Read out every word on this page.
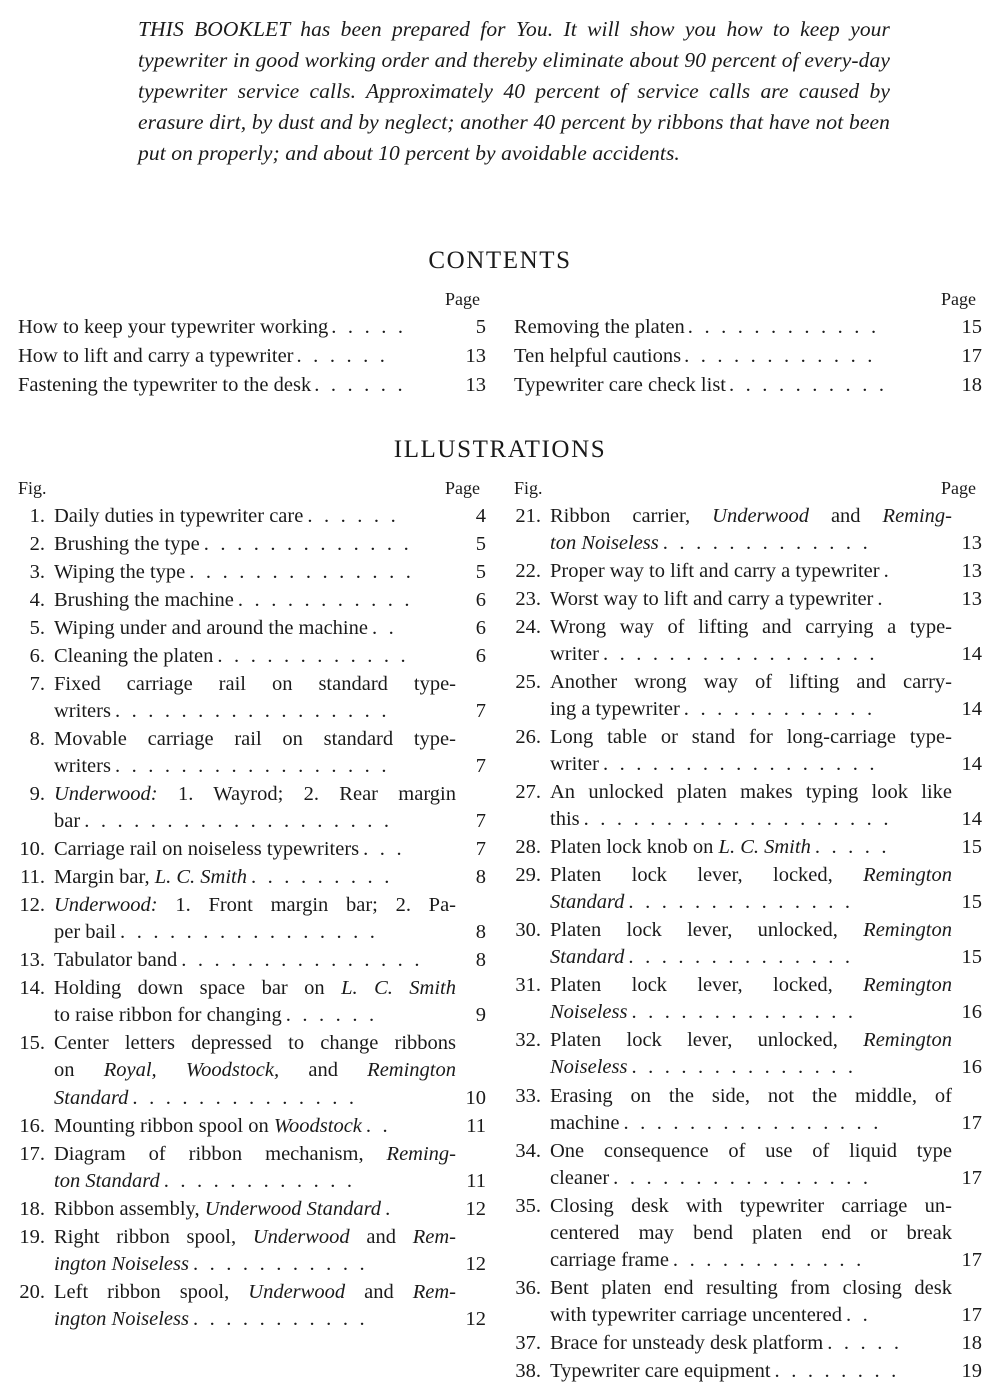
THIS BOOKLET has been prepared for You. It will show you how to keep your typewriter in good working order and thereby eliminate about 90 percent of every-day typewriter service calls. Approximately 40 percent of service calls are caused by erasure dirt, by dust and by neglect; another 40 percent by ribbons that have not been put on properly; and about 10 percent by avoidable accidents.

CONTENTS
Page
How to keep your typewriter working . . . . .	5
How to lift and carry a typewriter . . . . . .	13
Fastening the typewriter to the desk . . . . . .	13
Page
Removing the platen . . . . . . . . . . . .	15
Ten helpful cautions . . . . . . . . . . . .	17
Typewriter care check list . . . . . . . . . .	18
ILLUSTRATIONS
Fig.	Page
1. Daily duties in typewriter care . . . . . .	4
2. Brushing the type . . . . . . . . . . . . .	5
3. Wiping the type . . . . . . . . . . . . . .	5
4. Brushing the machine . . . . . . . . . . .	6
5. Wiping under and around the machine . .	6
6. Cleaning the platen . . . . . . . . . . . .	6
7. Fixed carriage rail on standard type-
writers . . . . . . . . . . . . . . . . .	7
8. Movable carriage rail on standard type-
writers . . . . . . . . . . . . . . . . .	7
9. Underwood: 1. Wayrod; 2. Rear margin
bar . . . . . . . . . . . . . . . . . . .	7
10. Carriage rail on noiseless typewriters . . .	7
11. Margin bar, L. C. Smith . . . . . . . . .	8
12. Underwood: 1. Front margin bar; 2. Pa-
per bail . . . . . . . . . . . . . . . .	8
13. Tabulator band . . . . . . . . . . . . . . .	8
14. Holding down space bar on L. C. Smith
to raise ribbon for changing . . . . . .	9
15. Center letters depressed to change ribbons
on Royal, Woodstock, and Remington
Standard . . . . . . . . . . . . . .	10
16. Mounting ribbon spool on Woodstock . .	11
17. Diagram of ribbon mechanism, Reming-
ton Standard . . . . . . . . . . . .	11
18. Ribbon assembly, Underwood Standard .	12
19. Right ribbon spool, Underwood and Rem-
ington Noiseless . . . . . . . . . . .	12
20. Left ribbon spool, Underwood and Rem-
ington Noiseless . . . . . . . . . . .	12
Fig.	Page
21. Ribbon carrier, Underwood and Reming-
ton Noiseless . . . . . . . . . . . . .	13
22. Proper way to lift and carry a typewriter .	13
23. Worst way to lift and carry a typewriter .	13
24. Wrong way of lifting and carrying a type-
writer . . . . . . . . . . . . . . . . .	14
25. Another wrong way of lifting and carry-
ing a typewriter . . . . . . . . . . . .	14
26. Long table or stand for long-carriage type-
writer . . . . . . . . . . . . . . . . .	14
27. An unlocked platen makes typing look like
this . . . . . . . . . . . . . . . . . . .	14
28. Platen lock knob on L. C. Smith . . . . .	15
29. Platen lock lever, locked, Remington
Standard . . . . . . . . . . . . . .	15
30. Platen lock lever, unlocked, Remington
Standard . . . . . . . . . . . . . .	15
31. Platen lock lever, locked, Remington
Noiseless . . . . . . . . . . . . . .	16
32. Platen lock lever, unlocked, Remington
Noiseless . . . . . . . . . . . . . .	16
33. Erasing on the side, not the middle, of
machine . . . . . . . . . . . . . . . .	17
34. One consequence of use of liquid type
cleaner . . . . . . . . . . . . . . . .	17
35. Closing desk with typewriter carriage un-
centered may bend platen end or break
carriage frame . . . . . . . . . . . .	17
36. Bent platen end resulting from closing desk
with typewriter carriage uncentered . .	17
37. Brace for unsteady desk platform . . . . .	18
38. Typewriter care equipment . . . . . . . .	19
